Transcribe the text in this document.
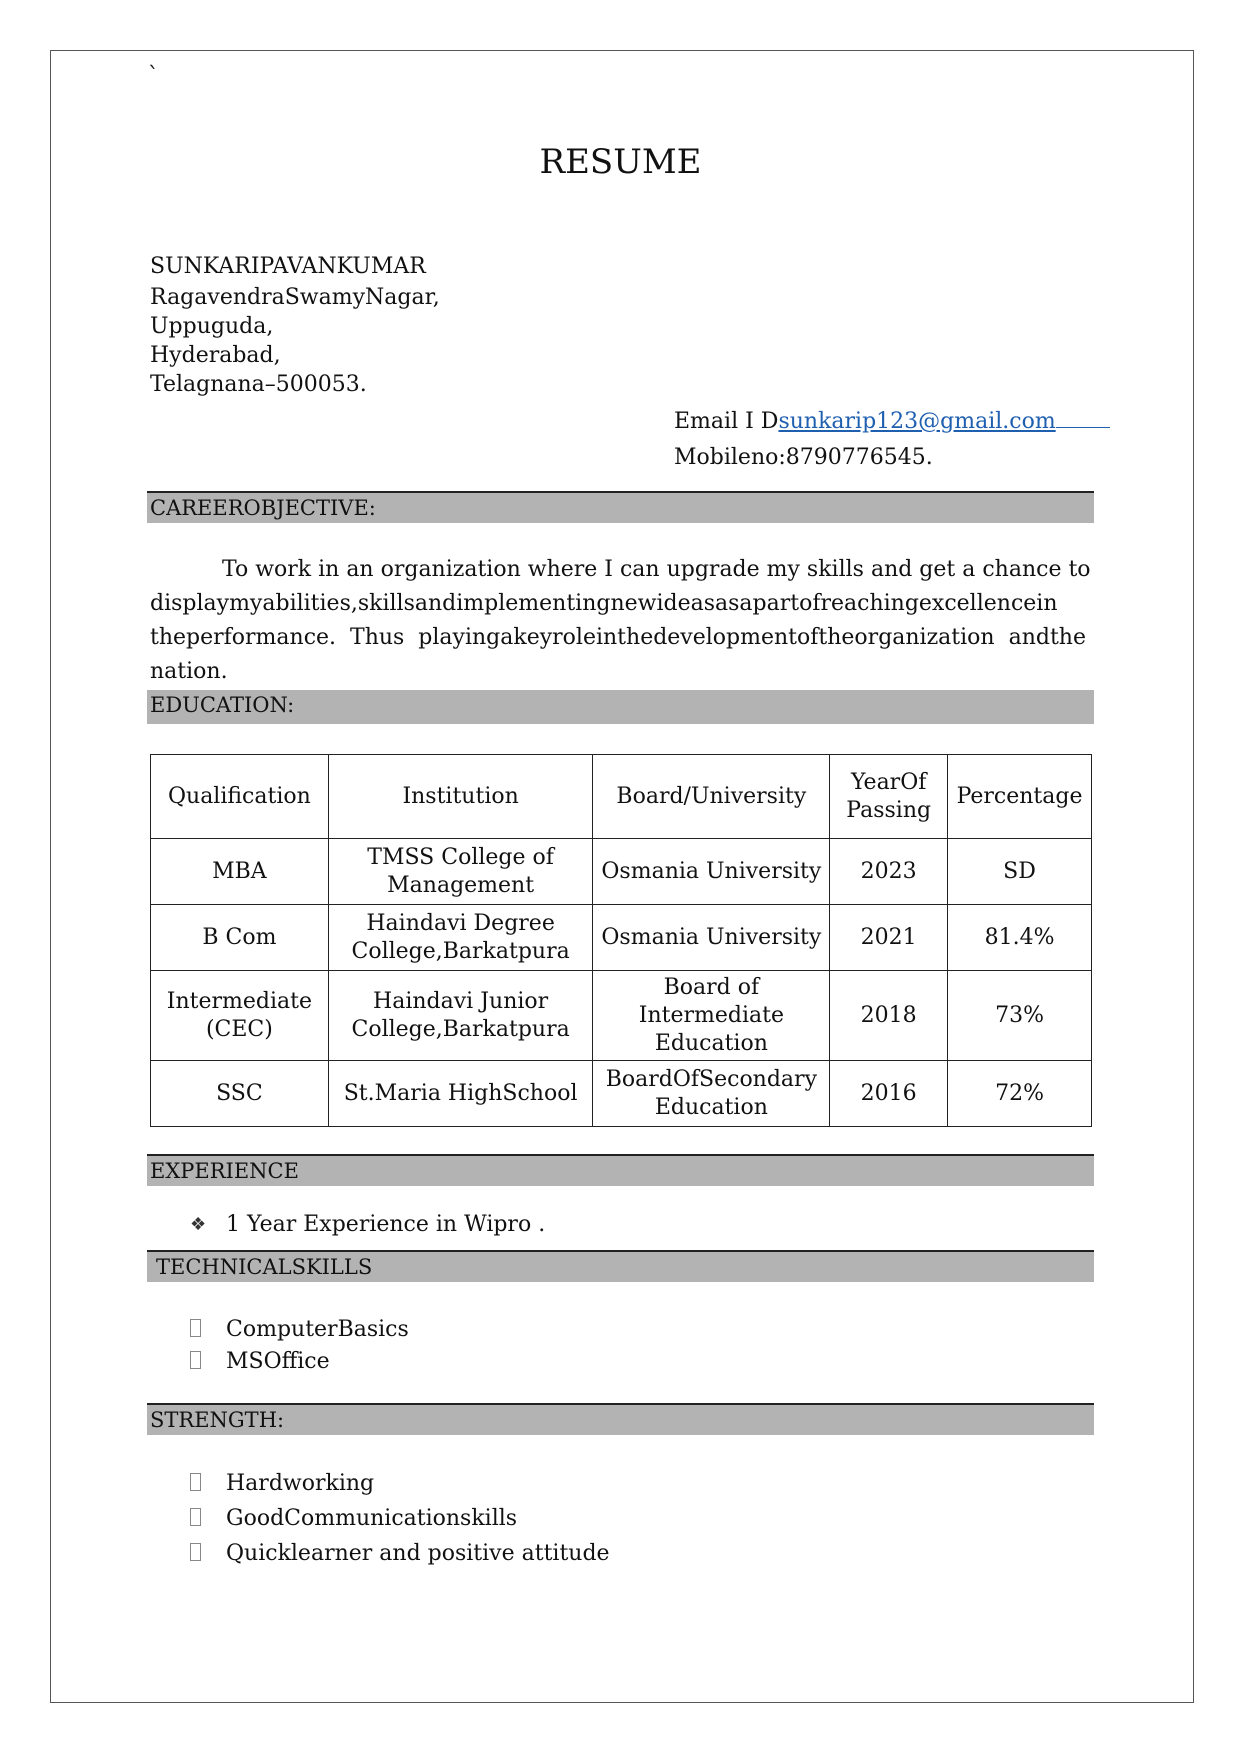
`
RESUME
SUNKARIPAVANKUMAR
RagavendraSwamyNagar,
Uppuguda,
Hyderabad,
Telagnana–500053.
Email I Dsunkarip123@gmail.com
Mobileno:8790776545.
CAREEROBJECTIVE:
To work in an organization where I can upgrade my skills and get a chance to
displaymyabilities,skillsandimplementingnewideasasapartofreachingexcellencein
theperformance.  Thus  playingakeyroleinthedevelopmentoftheorganization  andthe
nation.
EDUCATION:
Qualification	Institution	Board/University	YearOf Passing	Percentage
MBA	TMSS College of Management	Osmania University	2023	SD
B Com	Haindavi Degree College,Barkatpura	Osmania University	2021	81.4%
Intermediate (CEC)	Haindavi Junior College,Barkatpura	Board of Intermediate Education	2018	73%
SSC	St.Maria HighSchool	BoardOfSecondary Education	2016	72%
EXPERIENCE
❖ 1 Year Experience in Wipro .
TECHNICALSKILLS
ComputerBasics
MSOffice
STRENGTH:
Hardworking
GoodCommunicationskills
Quicklearner and positive attitude
